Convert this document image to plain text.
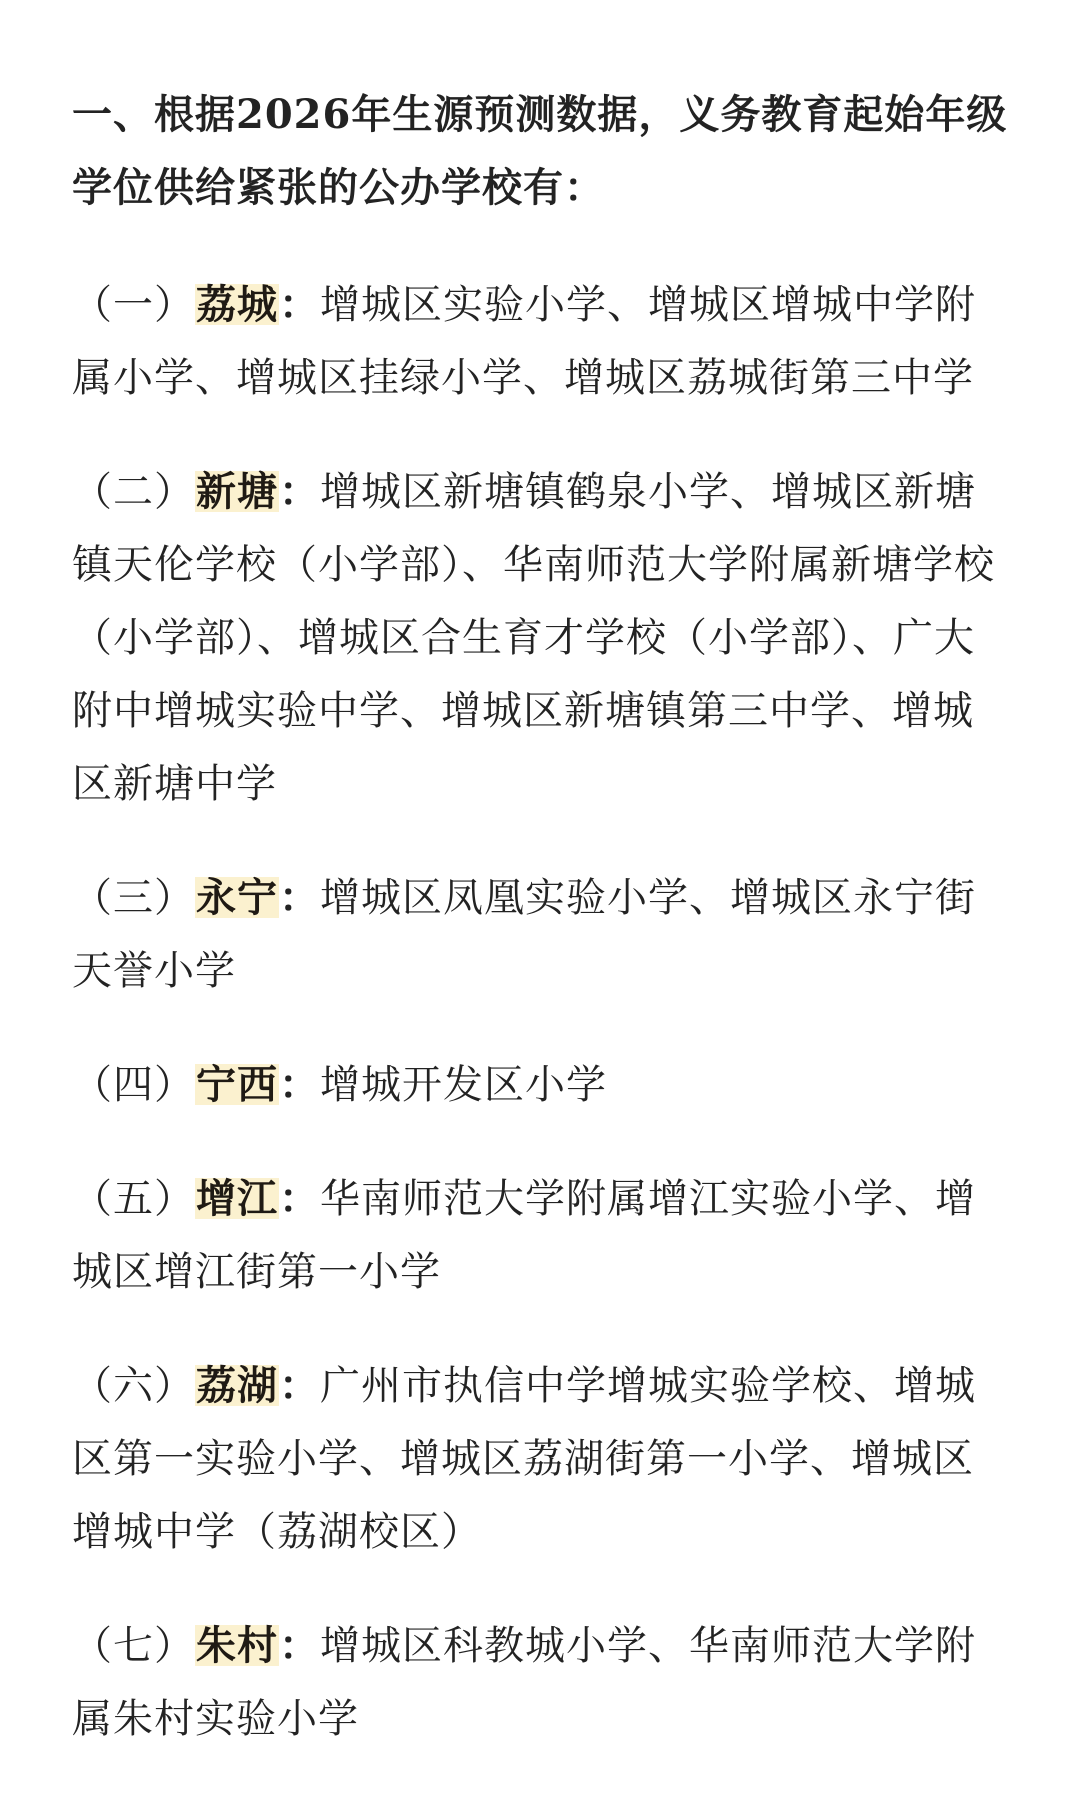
一、根据2026年生源预测数据，义务教育起始年级学位供给紧张的公办学校有：

（一）荔城：增城区实验小学、增城区增城中学附属小学、增城区挂绿小学、增城区荔城街第三中学

（二）新塘：增城区新塘镇鹤泉小学、增城区新塘镇天伦学校（小学部）、华南师范大学附属新塘学校（小学部）、增城区合生育才学校（小学部）、广大附中增城实验中学、增城区新塘镇第三中学、增城区新塘中学

（三）永宁：增城区凤凰实验小学、增城区永宁街天誉小学

（四）宁西：增城开发区小学

（五）增江：华南师范大学附属增江实验小学、增城区增江街第一小学

（六）荔湖：广州市执信中学增城实验学校、增城区第一实验小学、增城区荔湖街第一小学、增城区增城中学（荔湖校区）

（七）朱村：增城区科教城小学、华南师范大学附属朱村实验小学
